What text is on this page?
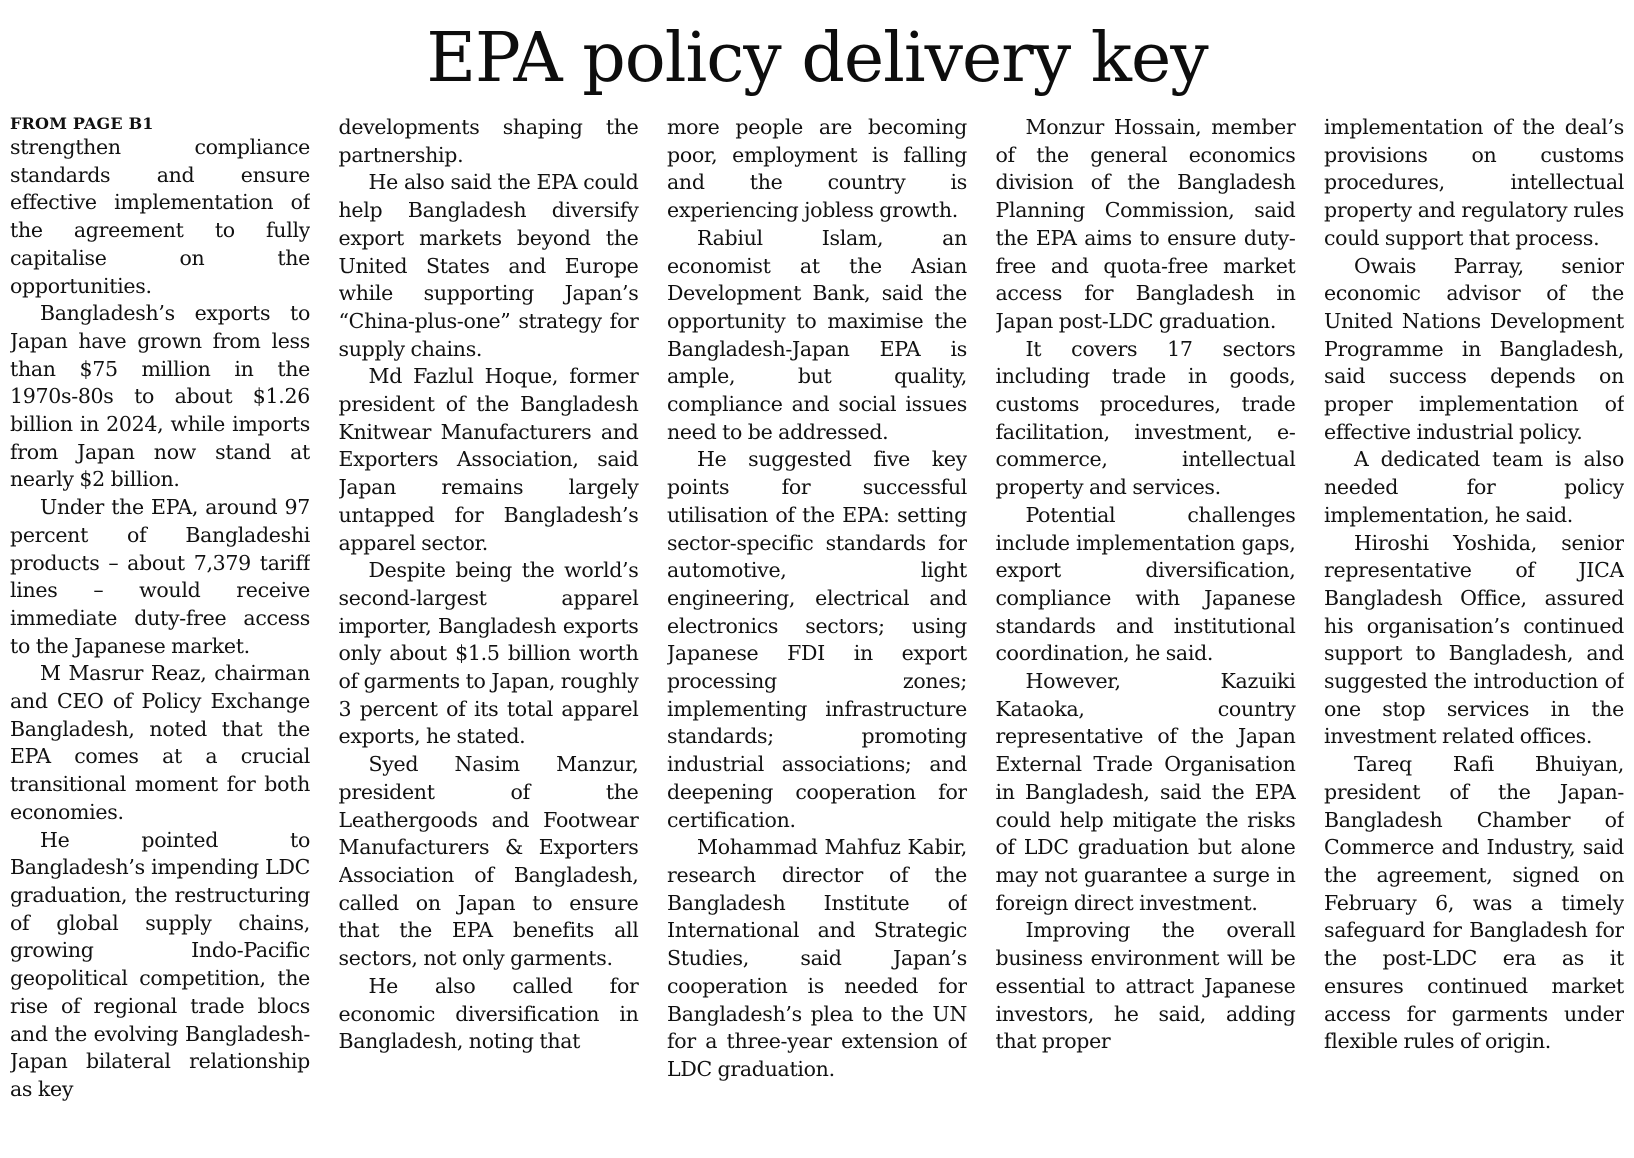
EPA policy delivery key
FROM PAGE B1

strengthen compliance standards and ensure effective implementation of the agreement to fully capitalise on the opportunities.

Bangladesh’s exports to Japan have grown from less than $75 million in the 1970s-80s to about $1.26 billion in 2024, while imports from Japan now stand at nearly $2 billion.

Under the EPA, around 97 percent of Bangladeshi products – about 7,379 tariff lines – would receive immediate duty-free access to the Japanese market.

M Masrur Reaz, chairman and CEO of Policy Exchange Bangladesh, noted that the EPA comes at a crucial transitional moment for both economies.

He pointed to Bangladesh’s impending LDC graduation, the restructuring of global supply chains, growing Indo-Pacific geopolitical competition, the rise of regional trade blocs and the evolving Bangladesh-Japan bilateral relationship as key

developments shaping the partnership.

He also said the EPA could help Bangladesh diversify export markets beyond the United States and Europe while supporting Japan’s “China-plus-one” strategy for supply chains.

Md Fazlul Hoque, former president of the Bangladesh Knitwear Manufacturers and Exporters Association, said Japan remains largely untapped for Bangladesh’s apparel sector.

Despite being the world’s second-largest apparel importer, Bangladesh exports only about $1.5 billion worth of garments to Japan, roughly 3 percent of its total apparel exports, he stated.

Syed Nasim Manzur, president of the Leathergoods and Footwear Manufacturers & Exporters Association of Bangladesh, called on Japan to ensure that the EPA benefits all sectors, not only garments.

He also called for economic diversification in Bangladesh, noting that

more people are becoming poor, employment is falling and the country is experiencing jobless growth.

Rabiul Islam, an economist at the Asian Development Bank, said the opportunity to maximise the Bangladesh-Japan EPA is ample, but quality, compliance and social issues need to be addressed.

He suggested five key points for successful utilisation of the EPA: setting sector-specific standards for automotive, light engineering, electrical and electronics sectors; using Japanese FDI in export processing zones; implementing infrastructure standards; promoting industrial associations; and deepening cooperation for certification.

Mohammad Mahfuz Kabir, research director of the Bangladesh Institute of International and Strategic Studies, said Japan’s cooperation is needed for Bangladesh’s plea to the UN for a three-year extension of LDC graduation.

Monzur Hossain, member of the general economics division of the Bangladesh Planning Commission, said the EPA aims to ensure duty-free and quota-free market access for Bangladesh in Japan post-LDC graduation.

It covers 17 sectors including trade in goods, customs procedures, trade facilitation, investment, e-commerce, intellectual property and services.

Potential challenges include implementation gaps, export diversification, compliance with Japanese standards and institutional coordination, he said.

However, Kazuiki Kataoka, country representative of the Japan External Trade Organisation in Bangladesh, said the EPA could help mitigate the risks of LDC graduation but alone may not guarantee a surge in foreign direct investment.

Improving the overall business environment will be essential to attract Japanese investors, he said, adding that proper

implementation of the deal’s provisions on customs procedures, intellectual property and regulatory rules could support that process.

Owais Parray, senior economic advisor of the United Nations Development Programme in Bangladesh, said success depends on proper implementation of effective industrial policy.

A dedicated team is also needed for policy implementation, he said.

Hiroshi Yoshida, senior representative of JICA Bangladesh Office, assured his organisation’s continued support to Bangladesh, and suggested the introduction of one stop services in the investment related offices.

Tareq Rafi Bhuiyan, president of the Japan-Bangladesh Chamber of Commerce and Industry, said the agreement, signed on February 6, was a timely safeguard for Bangladesh for the post-LDC era as it ensures continued market access for garments under flexible rules of origin.
